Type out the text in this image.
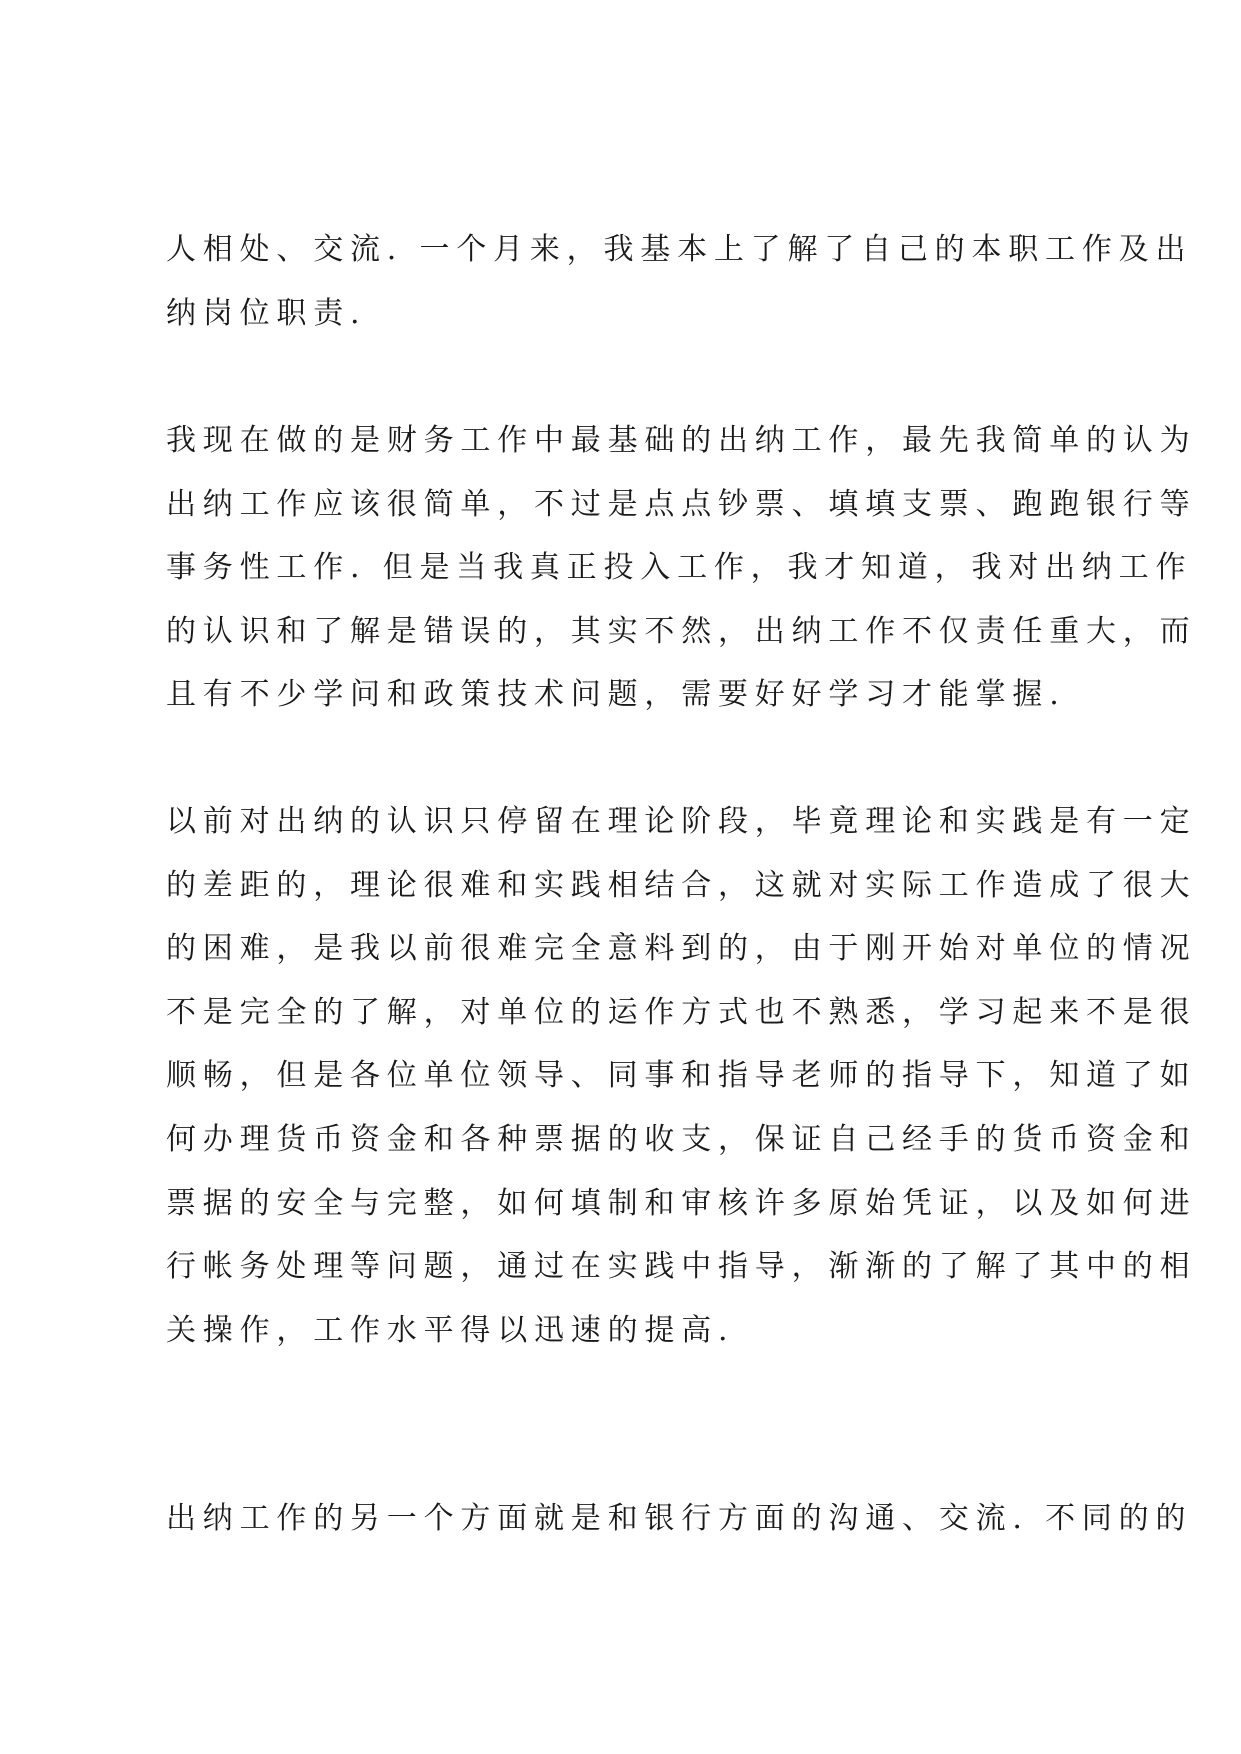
人相处、交流. 一个月来，我基本上了解了自己的本职工作及出
纳岗位职责.
我现在做的是财务工作中最基础的出纳工作，最先我简单的认为
出纳工作应该很简单，不过是点点钞票、填填支票、跑跑银行等
事务性工作. 但是当我真正投入工作，我才知道，我对出纳工作
的认识和了解是错误的，其实不然，出纳工作不仅责任重大，而
且有不少学问和政策技术问题，需要好好学习才能掌握.
以前对出纳的认识只停留在理论阶段，毕竟理论和实践是有一定
的差距的，理论很难和实践相结合，这就对实际工作造成了很大
的困难，是我以前很难完全意料到的，由于刚开始对单位的情况
不是完全的了解，对单位的运作方式也不熟悉，学习起来不是很
顺畅，但是各位单位领导、同事和指导老师的指导下，知道了如
何办理货币资金和各种票据的收支，保证自己经手的货币资金和
票据的安全与完整，如何填制和审核许多原始凭证，以及如何进
行帐务处理等问题，通过在实践中指导，渐渐的了解了其中的相
关操作，工作水平得以迅速的提高.
出纳工作的另一个方面就是和银行方面的沟通、交流. 不同的的
